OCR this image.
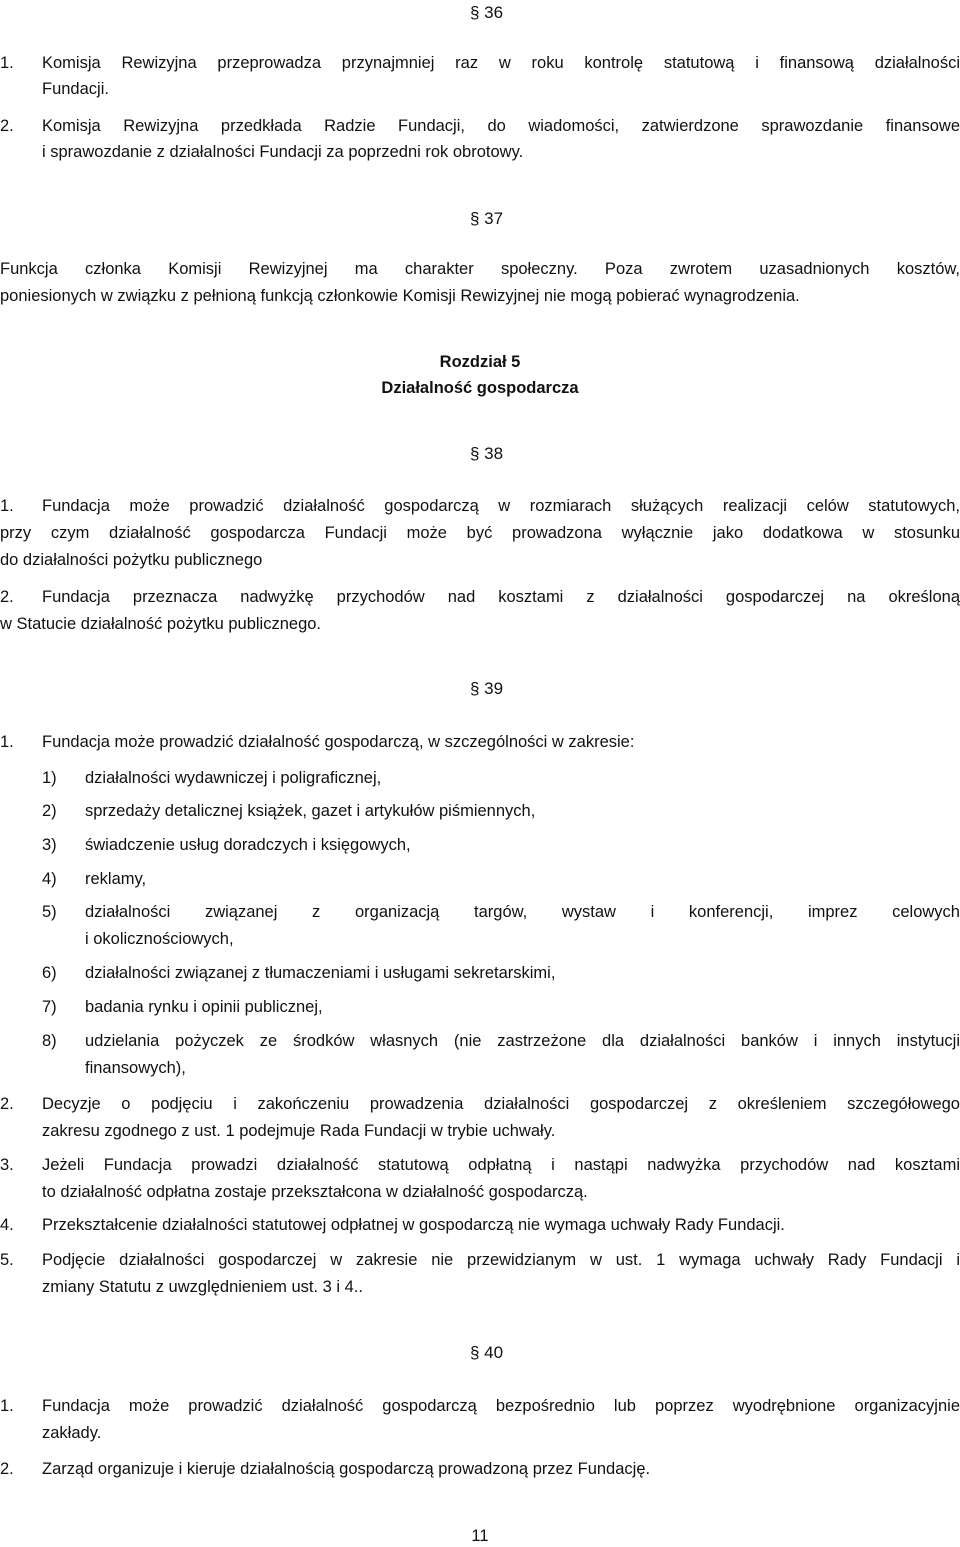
§ 36
1. Komisja Rewizyjna przeprowadza przynajmniej raz w roku kontrolę statutową i finansową działalności
Fundacji.
2. Komisja Rewizyjna przedkłada Radzie Fundacji, do wiadomości, zatwierdzone sprawozdanie finansowe
i sprawozdanie z działalności Fundacji za poprzedni rok obrotowy.
§ 37
Funkcja członka Komisji Rewizyjnej ma charakter społeczny. Poza zwrotem uzasadnionych kosztów,
poniesionych w związku z pełnioną funkcją członkowie Komisji Rewizyjnej nie mogą pobierać wynagrodzenia.
Rozdział 5
Działalność gospodarcza
§ 38
1. Fundacja może prowadzić działalność gospodarczą w rozmiarach służących realizacji celów statutowych,
przy czym działalność gospodarcza Fundacji może być prowadzona wyłącznie jako dodatkowa w stosunku
do działalności pożytku publicznego
2. Fundacja przeznacza nadwyżkę przychodów nad kosztami z działalności gospodarczej na określoną
w Statucie działalność pożytku publicznego.
§ 39
1. Fundacja może prowadzić działalność gospodarczą, w szczególności w zakresie:
1) działalności wydawniczej i poligraficznej,
2) sprzedaży detalicznej książek, gazet i artykułów piśmiennych,
3) świadczenie usług doradczych i księgowych,
4) reklamy,
5) działalności związanej z organizacją targów, wystaw i konferencji, imprez celowych
i okolicznościowych,
6) działalności związanej z tłumaczeniami i usługami sekretarskimi,
7) badania rynku i opinii publicznej,
8) udzielania pożyczek ze środków własnych (nie zastrzeżone dla działalności banków i innych instytucji
finansowych),
2. Decyzje o podjęciu i zakończeniu prowadzenia działalności gospodarczej z określeniem szczegółowego
zakresu zgodnego z ust. 1 podejmuje Rada Fundacji w trybie uchwały.
3. Jeżeli Fundacja prowadzi działalność statutową odpłatną i nastąpi nadwyżka przychodów nad kosztami
to działalność odpłatna zostaje przekształcona w działalność gospodarczą.
4. Przekształcenie działalności statutowej odpłatnej w gospodarczą nie wymaga uchwały Rady Fundacji.
5. Podjęcie działalności gospodarczej w zakresie nie przewidzianym w ust. 1 wymaga uchwały Rady Fundacji i
zmiany Statutu z uwzględnieniem ust. 3 i 4..
§ 40
1. Fundacja może prowadzić działalność gospodarczą bezpośrednio lub poprzez wyodrębnione organizacyjnie
zakłady.
2. Zarząd organizuje i kieruje działalnością gospodarczą prowadzoną przez Fundację.
11
